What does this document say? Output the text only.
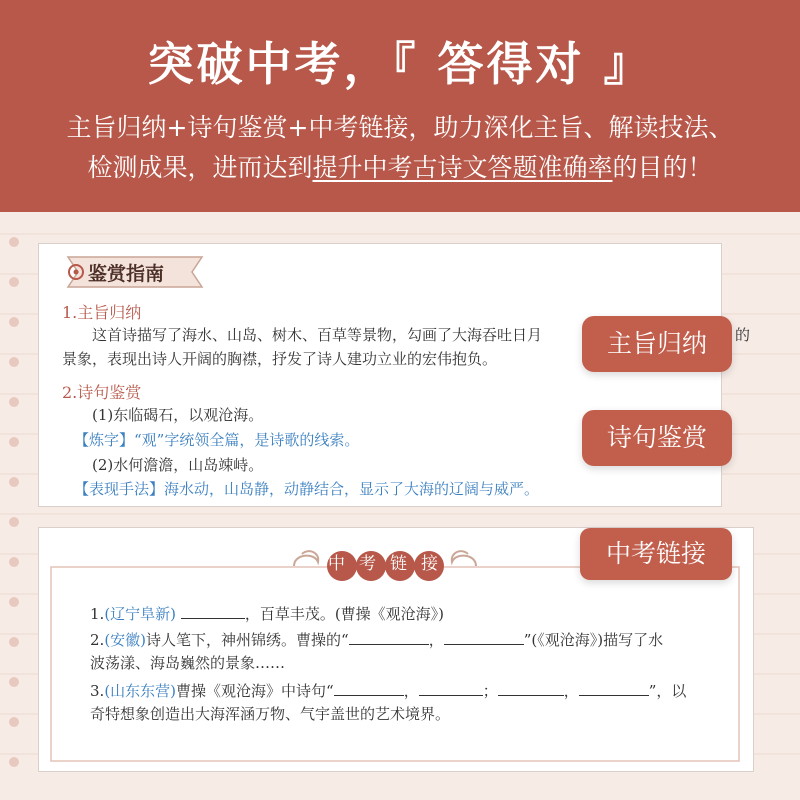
突破中考，『 答得对 』
主旨归纳+诗句鉴赏+中考链接，助力深化主旨、解读技法、
检测成果，进而达到提升中考古诗文答题准确率的目的！
鉴赏指南
1.主旨归纳
这首诗描写了海水、山岛、树木、百草等景物，勾画了大海吞吐日月	的
景象，表现出诗人开阔的胸襟，抒发了诗人建功立业的宏伟抱负。
2.诗句鉴赏
(1)东临碣石，以观沧海。
【炼字】“观”字统领全篇，是诗歌的线索。
(2)水何澹澹，山岛竦峙。
【表现手法】海水动，山岛静，动静结合，显示了大海的辽阔与威严。
主旨归纳
诗句鉴赏
中考链接	中考链接
1.(辽宁阜新)	，百草丰茂。(曹操《观沧海》)
2.(安徽)诗人笔下，神州锦绣。曹操的“	，	”(《观沧海》)描写了水
波荡漾、海岛巍然的景象……
3.(山东东营)曹操《观沧海》中诗句“	，	；	，	”，以
奇特想象创造出大海浑涵万物、气宇盖世的艺术境界。
